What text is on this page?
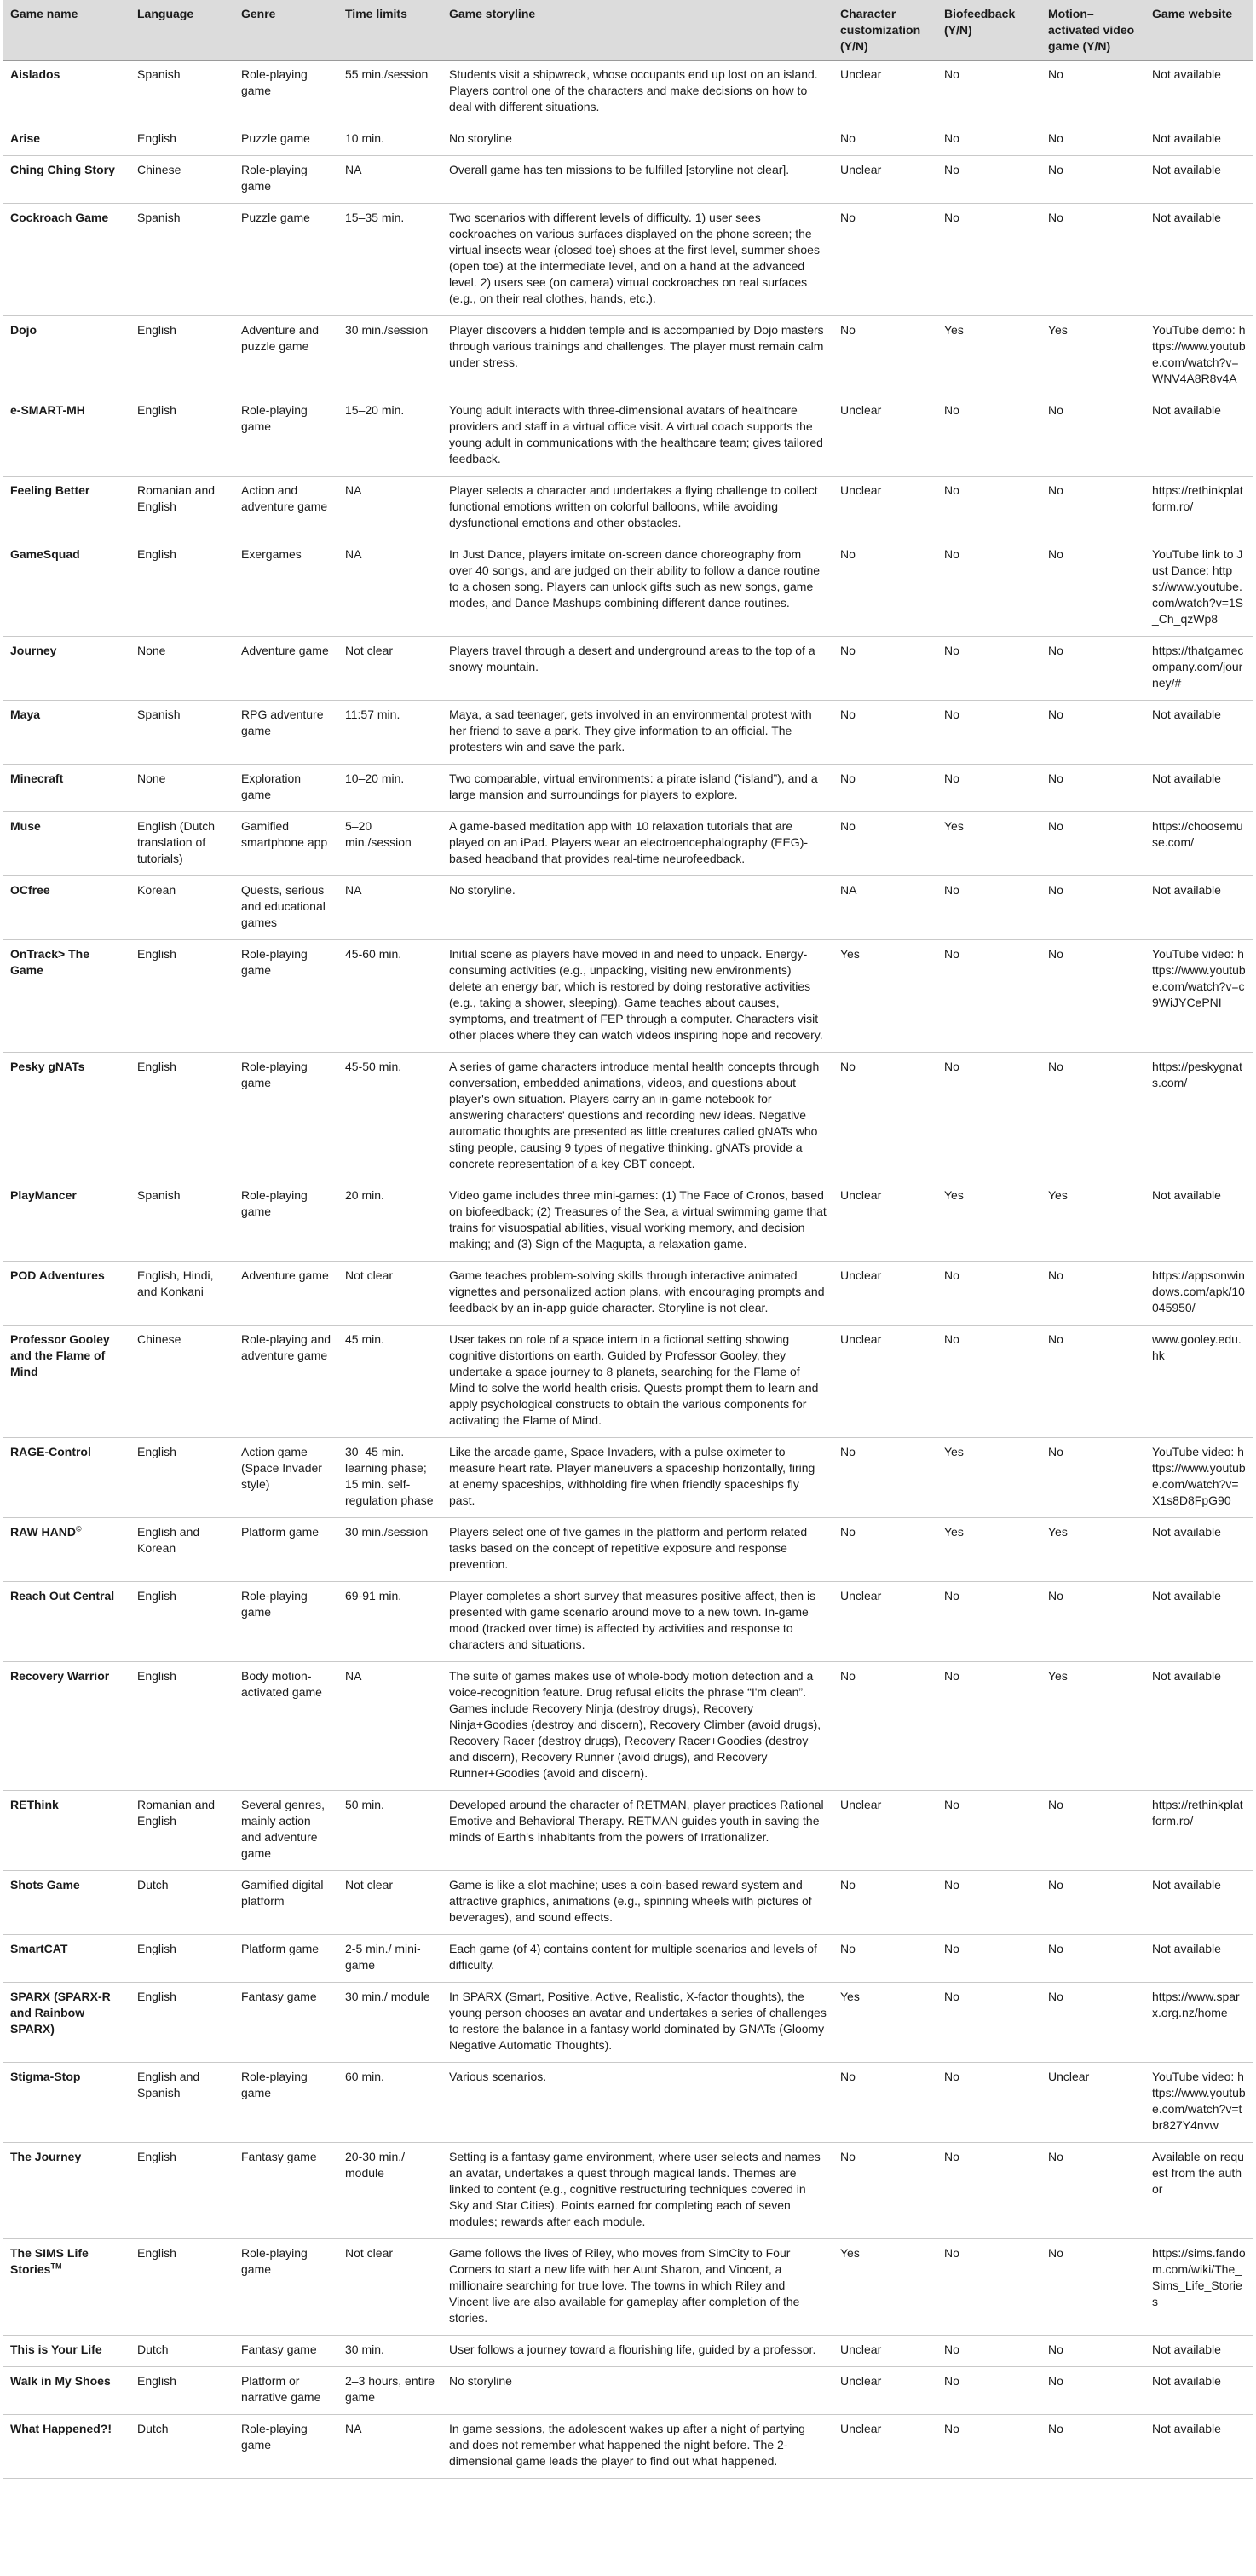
Game name	Language	Genre	Time limits	Game storyline	Character customization (Y/N)	Biofeedback (Y/N)	Motion–activated video game (Y/N)	Game website
Aislados	Spanish	Role-playing game	55 min./session	Students visit a shipwreck, whose occupants end up lost on an island. Players control one of the characters and make decisions on how to deal with different situations.	Unclear	No	No	Not available
Arise	English	Puzzle game	10 min.	No storyline	No	No	No	Not available
Ching Ching Story	Chinese	Role-playing game	NA	Overall game has ten missions to be fulfilled [storyline not clear].	Unclear	No	No	Not available
Cockroach Game	Spanish	Puzzle game	15–35 min.	Two scenarios with different levels of difficulty. 1) user sees cockroaches on various surfaces displayed on the phone screen; the virtual insects wear (closed toe) shoes at the first level, summer shoes (open toe) at the intermediate level, and on a hand at the advanced level. 2) users see (on camera) virtual cockroaches on real surfaces (e.g., on their real clothes, hands, etc.).	No	No	No	Not available
Dojo	English	Adventure and puzzle game	30 min./session	Player discovers a hidden temple and is accompanied by Dojo masters through various trainings and challenges. The player must remain calm under stress.	No	Yes	Yes	YouTube demo: https://www.youtube.com/watch?v=WNV4A8R8v4A
e-SMART-MH	English	Role-playing game	15–20 min.	Young adult interacts with three-dimensional avatars of healthcare providers and staff in a virtual office visit. A virtual coach supports the young adult in communications with the healthcare team; gives tailored feedback.	Unclear	No	No	Not available
Feeling Better	Romanian and English	Action and adventure game	NA	Player selects a character and undertakes a flying challenge to collect functional emotions written on colorful balloons, while avoiding dysfunctional emotions and other obstacles.	Unclear	No	No	https://rethinkplatform.ro/
GameSquad	English	Exergames	NA	In Just Dance, players imitate on-screen dance choreography from over 40 songs, and are judged on their ability to follow a dance routine to a chosen song. Players can unlock gifts such as new songs, game modes, and Dance Mashups combining different dance routines.	No	No	No	YouTube link to Just Dance: https://www.youtube.com/watch?v=1S_Ch_qzWp8
Journey	None	Adventure game	Not clear	Players travel through a desert and underground areas to the top of a snowy mountain.	No	No	No	https://thatgamecompany.com/journey/#
Maya	Spanish	RPG adventure game	11:57 min.	Maya, a sad teenager, gets involved in an environmental protest with her friend to save a park. They give information to an official. The protesters win and save the park.	No	No	No	Not available
Minecraft	None	Exploration game	10–20 min.	Two comparable, virtual environments: a pirate island (“island”), and a large mansion and surroundings for players to explore.	No	No	No	Not available
Muse	English (Dutch translation of tutorials)	Gamified smartphone app	5–20 min./session	A game-based meditation app with 10 relaxation tutorials that are played on an iPad. Players wear an electroencephalography (EEG)-based headband that provides real-time neurofeedback.	No	Yes	No	https://choosemuse.com/
OCfree	Korean	Quests, serious and educational games	NA	No storyline.	NA	No	No	Not available
OnTrack> The Game	English	Role-playing game	45-60 min.	Initial scene as players have moved in and need to unpack. Energy-consuming activities (e.g., unpacking, visiting new environments) delete an energy bar, which is restored by doing restorative activities (e.g., taking a shower, sleeping). Game teaches about causes, symptoms, and treatment of FEP through a computer. Characters visit other places where they can watch videos inspiring hope and recovery.	Yes	No	No	YouTube video: https://www.youtube.com/watch?v=c9WiJYCePNI
Pesky gNATs	English	Role-playing game	45-50 min.	A series of game characters introduce mental health concepts through conversation, embedded animations, videos, and questions about player's own situation. Players carry an in-game notebook for answering characters' questions and recording new ideas. Negative automatic thoughts are presented as little creatures called gNATs who sting people, causing 9 types of negative thinking. gNATs provide a concrete representation of a key CBT concept.	No	No	No	https://peskygnats.com/
PlayMancer	Spanish	Role-playing game	20 min.	Video game includes three mini-games: (1) The Face of Cronos, based on biofeedback; (2) Treasures of the Sea, a virtual swimming game that trains for visuospatial abilities, visual working memory, and decision making; and (3) Sign of the Magupta, a relaxation game.	Unclear	Yes	Yes	Not available
POD Adventures	English, Hindi, and Konkani	Adventure game	Not clear	Game teaches problem-solving skills through interactive animated vignettes and personalized action plans, with encouraging prompts and feedback by an in-app guide character. Storyline is not clear.	Unclear	No	No	https://appsonwindows.com/apk/10045950/
Professor Gooley and the Flame of Mind	Chinese	Role-playing and adventure game	45 min.	User takes on role of a space intern in a fictional setting showing cognitive distortions on earth. Guided by Professor Gooley, they undertake a space journey to 8 planets, searching for the Flame of Mind to solve the world health crisis. Quests prompt them to learn and apply psychological constructs to obtain the various components for activating the Flame of Mind.	Unclear	No	No	www.gooley.edu.hk
RAGE-Control	English	Action game (Space Invader style)	30–45 min. learning phase; 15 min. self-regulation phase	Like the arcade game, Space Invaders, with a pulse oximeter to measure heart rate. Player maneuvers a spaceship horizontally, firing at enemy spaceships, withholding fire when friendly spaceships fly past.	No	Yes	No	YouTube video: https://www.youtube.com/watch?v=X1s8D8FpG90
RAW HAND©	English and Korean	Platform game	30 min./session	Players select one of five games in the platform and perform related tasks based on the concept of repetitive exposure and response prevention.	No	Yes	Yes	Not available
Reach Out Central	English	Role-playing game	69-91 min.	Player completes a short survey that measures positive affect, then is presented with game scenario around move to a new town. In-game mood (tracked over time) is affected by activities and response to characters and situations.	Unclear	No	No	Not available
Recovery Warrior	English	Body motion-activated game	NA	The suite of games makes use of whole-body motion detection and a voice-recognition feature. Drug refusal elicits the phrase “I'm clean”. Games include Recovery Ninja (destroy drugs), Recovery Ninja+Goodies (destroy and discern), Recovery Climber (avoid drugs), Recovery Racer (destroy drugs), Recovery Racer+Goodies (destroy and discern), Recovery Runner (avoid drugs), and Recovery Runner+Goodies (avoid and discern).	No	No	Yes	Not available
REThink	Romanian and English	Several genres, mainly action and adventure game	50 min.	Developed around the character of RETMAN, player practices Rational Emotive and Behavioral Therapy. RETMAN guides youth in saving the minds of Earth's inhabitants from the powers of Irrationalizer.	Unclear	No	No	https://rethinkplatform.ro/
Shots Game	Dutch	Gamified digital platform	Not clear	Game is like a slot machine; uses a coin-based reward system and attractive graphics, animations (e.g., spinning wheels with pictures of beverages), and sound effects.	No	No	No	Not available
SmartCAT	English	Platform game	2-5 min./ mini-game	Each game (of 4) contains content for multiple scenarios and levels of difficulty.	No	No	No	Not available
SPARX (SPARX-R and Rainbow SPARX)	English	Fantasy game	30 min./ module	In SPARX (Smart, Positive, Active, Realistic, X-factor thoughts), the young person chooses an avatar and undertakes a series of challenges to restore the balance in a fantasy world dominated by GNATs (Gloomy Negative Automatic Thoughts).	Yes	No	No	https://www.sparx.org.nz/home
Stigma-Stop	English and Spanish	Role-playing game	60 min.	Various scenarios.	No	No	Unclear	YouTube video: https://www.youtube.com/watch?v=tbr827Y4nvw
The Journey	English	Fantasy game	20-30 min./ module	Setting is a fantasy game environment, where user selects and names an avatar, undertakes a quest through magical lands. Themes are linked to content (e.g., cognitive restructuring techniques covered in Sky and Star Cities). Points earned for completing each of seven modules; rewards after each module.	No	No	No	Available on request from the author
The SIMS Life Stories™	English	Role-playing game	Not clear	Game follows the lives of Riley, who moves from SimCity to Four Corners to start a new life with her Aunt Sharon, and Vincent, a millionaire searching for true love. The towns in which Riley and Vincent live are also available for gameplay after completion of the stories.	Yes	No	No	https://sims.fandom.com/wiki/The_Sims_Life_Stories
This is Your Life	Dutch	Fantasy game	30 min.	User follows a journey toward a flourishing life, guided by a professor.	Unclear	No	No	Not available
Walk in My Shoes	English	Platform or narrative game	2–3 hours, entire game	No storyline	Unclear	No	No	Not available
What Happened?!	Dutch	Role-playing game	NA	In game sessions, the adolescent wakes up after a night of partying and does not remember what happened the night before. The 2-dimensional game leads the player to find out what happened.	Unclear	No	No	Not available
